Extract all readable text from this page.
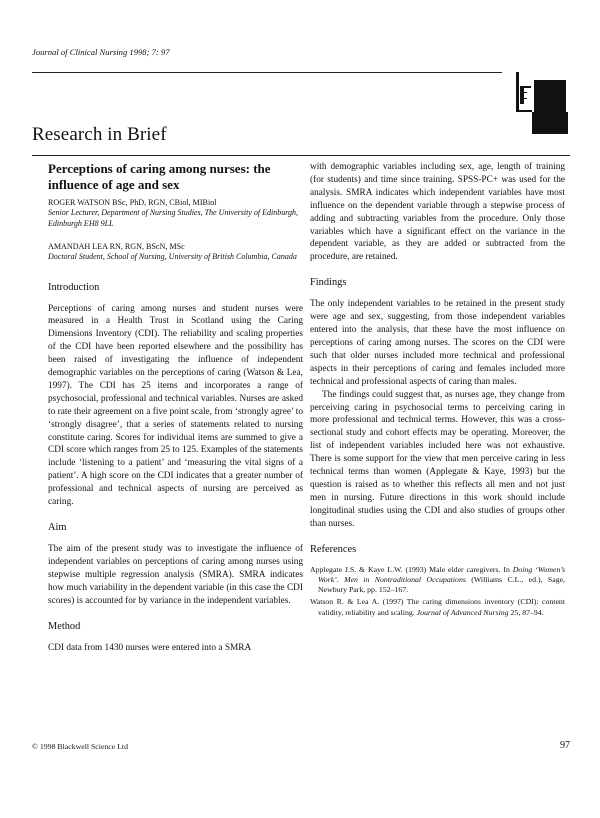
Journal of Clinical Nursing 1998; 7: 97
Research in Brief
Perceptions of caring among nurses: the influence of age and sex

ROGER WATSON BSc, PhD, RGN, CBiol, MIBiol

Senior Lecturer, Department of Nursing Studies, The University of Edinburgh, Edinburgh EH8 9LL

AMANDAH LEA RN, RGN, BScN, MSc

Doctoral Student, School of Nursing, University of British Columbia, Canada

Introduction

Perceptions of caring among nurses and student nurses were measured in a Health Trust in Scotland using the Caring Dimensions Inventory (CDI). The reliability and scaling properties of the CDI have been reported elsewhere and the possibility has been raised of investigating the influence of independent demographic variables on the perceptions of caring (Watson & Lea, 1997). The CDI has 25 items and incorporates a range of psychosocial, professional and technical variables. Nurses are asked to rate their agreement on a five point scale, from ‘strongly agree’ to ‘strongly disagree’, that a series of statements related to nursing constitute caring. Scores for individual items are summed to give a CDI score which ranges from 25 to 125. Examples of the statements include ‘listening to a patient’ and ‘measuring the vital signs of a patient’. A high score on the CDI indicates that a greater number of professional and technical aspects of nursing are perceived as caring.

Aim

The aim of the present study was to investigate the influence of independent variables on perceptions of caring among nurses using stepwise multiple regression analysis (SMRA). SMRA indicates how much variability in the dependent variable (in this case the CDI scores) is accounted for by variance in the independent variables.

Method

CDI data from 1430 nurses were entered into a SMRA

with demographic variables including sex, age, length of training (for students) and time since training. SPSS-PC+ was used for the analysis. SMRA indicates which independent variables have most influence on the dependent variable through a stepwise process of adding and subtracting variables from the procedure. Only those variables which have a significant effect on the variance in the dependent variable, as they are added or subtracted from the procedure, are retained.

Findings

The only independent variables to be retained in the present study were age and sex, suggesting, from those independent variables entered into the analysis, that these have the most influence on perceptions of caring among nurses. The scores on the CDI were such that older nurses included more technical and professional aspects in their perceptions of caring and females included more technical and professional aspects of caring than males.

The findings could suggest that, as nurses age, they change from perceiving caring in psychosocial terms to perceiving caring in more professional and technical terms. However, this was a cross-sectional study and cohort effects may be operating. Moreover, the list of independent variables included here was not exhaustive. There is some support for the view that men perceive caring in less technical terms than women (Applegate & Kaye, 1993) but the question is raised as to whether this reflects all men and not just men in nursing. Future directions in this work should include longitudinal studies using the CDI and also studies of groups other than nurses.

References

Applegate J.S. & Kaye L.W. (1993) Male elder caregivers. In Doing ‘Women’s Work’. Men in Nontraditional Occupations (Williams C.L., ed.), Sage, Newbury Park, pp. 152–167.

Watson R. & Lea A. (1997) The caring dimensions inventory (CDI): content validity, reliability and scaling. Journal of Advanced Nursing 25, 87–94.

© 1998 Blackwell Science Ltd	97
